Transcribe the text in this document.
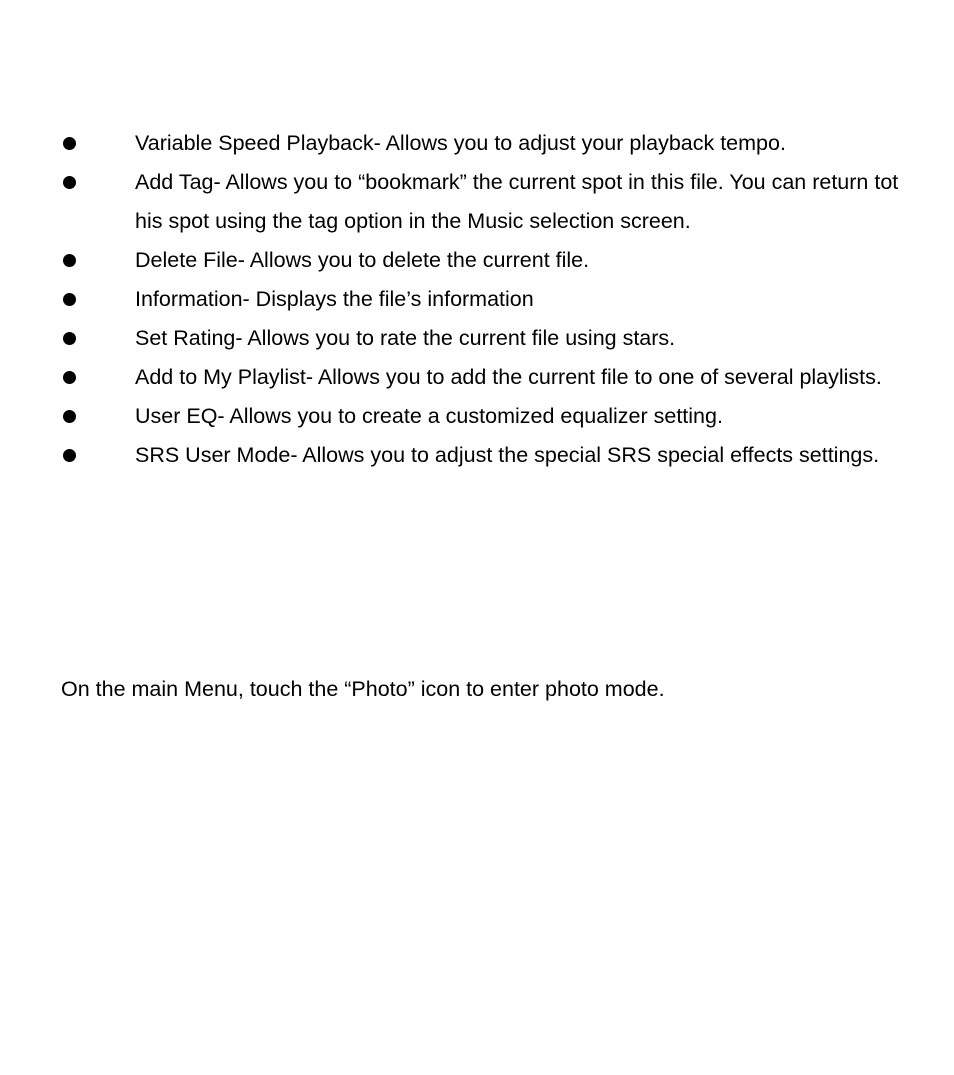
Variable Speed Playback- Allows you to adjust your playback tempo.
Add Tag- Allows you to “bookmark” the current spot in this file. You can return tot his spot using the tag option in the Music selection screen.
Delete File- Allows you to delete the current file.
Information- Displays the file’s information
Set Rating- Allows you to rate the current file using stars.
Add to My Playlist- Allows you to add the current file to one of several playlists.
User EQ- Allows you to create a customized equalizer setting.
SRS User Mode- Allows you to adjust the special SRS special effects settings.

On the main Menu, touch the “Photo” icon to enter photo mode.
